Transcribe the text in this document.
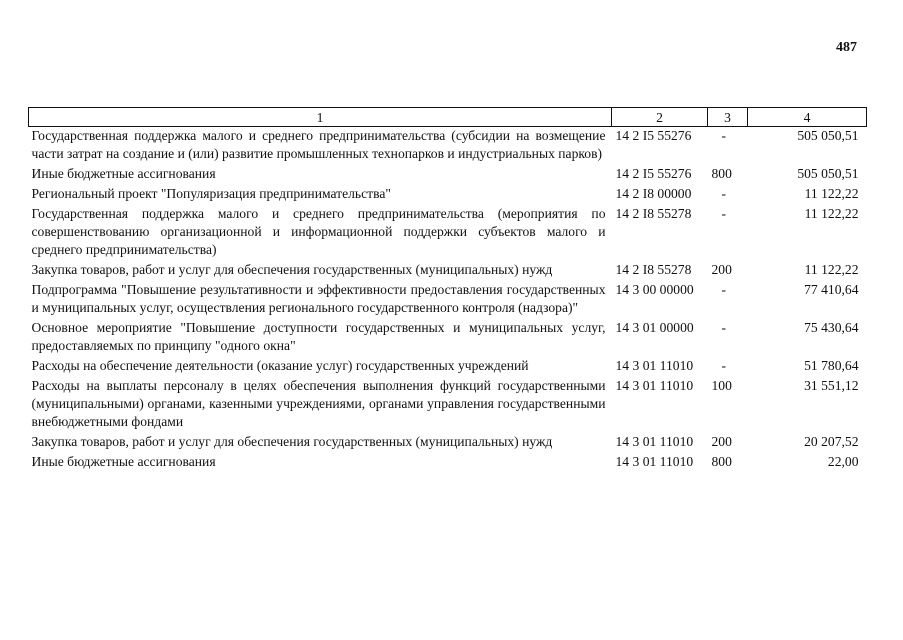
487
1	2	3	4
Государственная поддержка малого и среднего предпринимательства (субсидии на возмещение части затрат на создание и (или) развитие промышленных технопарков и индустриальных парков)	14 2 I5 55276	-	505 050,51
Иные бюджетные ассигнования	14 2 I5 55276	800	505 050,51
Региональный проект "Популяризация предпринимательства"	14 2 I8 00000	-	11 122,22
Государственная поддержка малого и среднего предпринимательства (мероприятия по совершенствованию организационной и информационной поддержки субъектов малого и среднего предпринимательства)	14 2 I8 55278	-	11 122,22
Закупка товаров, работ и услуг для обеспечения государственных (муниципальных) нужд	14 2 I8 55278	200	11 122,22
Подпрограмма "Повышение результативности и эффективности предоставления государственных и муниципальных услуг, осуществления регионального государственного контроля (надзора)"	14 3 00 00000	-	77 410,64
Основное мероприятие "Повышение доступности государственных и муниципальных услуг, предоставляемых по принципу "одного окна"	14 3 01 00000	-	75 430,64
Расходы на обеспечение деятельности (оказание услуг) государственных учреждений	14 3 01 11010	-	51 780,64
Расходы на выплаты персоналу в целях обеспечения выполнения функций государственными (муниципальными) органами, казенными учреждениями, органами управления государственными внебюджетными фондами	14 3 01 11010	100	31 551,12
Закупка товаров, работ и услуг для обеспечения государственных (муниципальных) нужд	14 3 01 11010	200	20 207,52
Иные бюджетные ассигнования	14 3 01 11010	800	22,00
